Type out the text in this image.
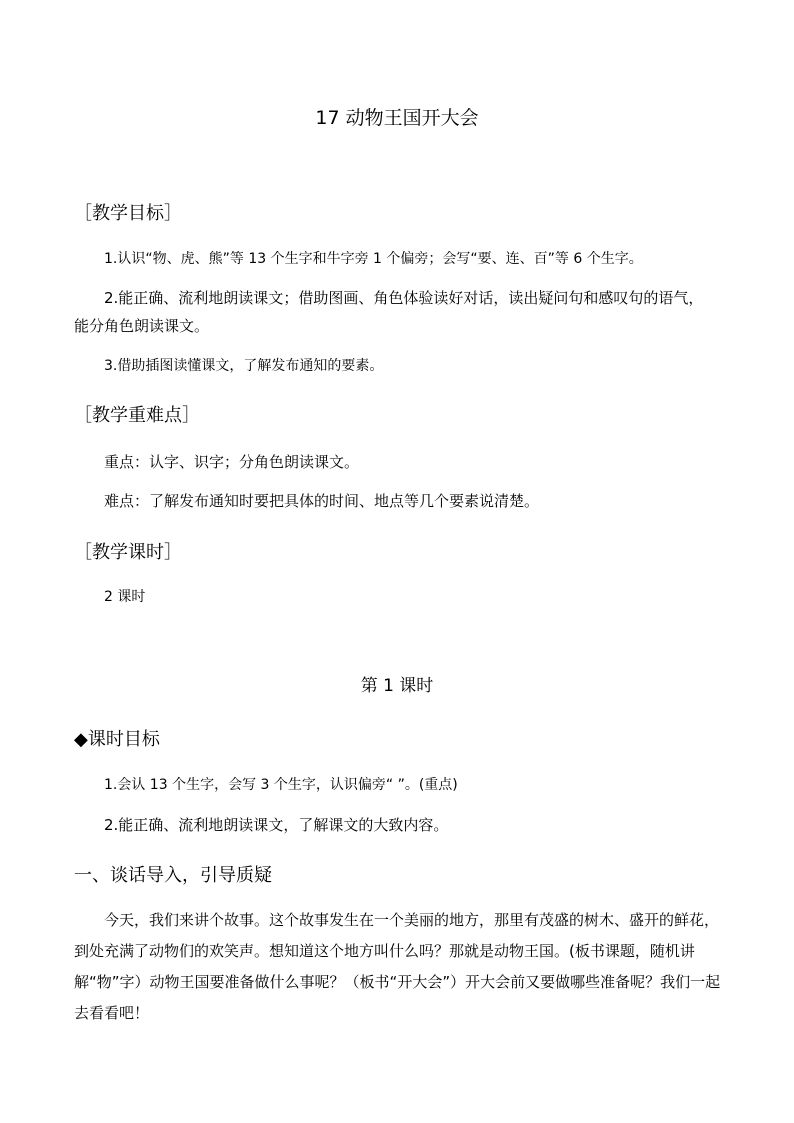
17 动物王国开大会
［教学目标］
1.认识“物、虎、熊”等 13 个生字和牛字旁 1 个偏旁；会写“要、连、百”等 6 个生字。
2.能正确、流利地朗读课文；借助图画、角色体验读好对话，读出疑问句和感叹句的语气，
能分角色朗读课文。
3.借助插图读懂课文，了解发布通知的要素。
［教学重难点］
重点：认字、识字；分角色朗读课文。
难点：了解发布通知时要把具体的时间、地点等几个要素说清楚。
［教学课时］
2 课时
第 1 课时
◆课时目标
1.会认 13 个生字，会写 3 个生字，认识偏旁“ ”。(重点)
2.能正确、流利地朗读课文，了解课文的大致内容。
一、谈话导入，引导质疑
今天，我们来讲个故事。这个故事发生在一个美丽的地方，那里有茂盛的树木、盛开的鲜花，到处充满了动物们的欢笑声。想知道这个地方叫什么吗？那就是动物王国。(板书课题，随机讲解“物”字）动物王国要准备做什么事呢？（板书“开大会”）开大会前又要做哪些准备呢？我们一起去看看吧！
